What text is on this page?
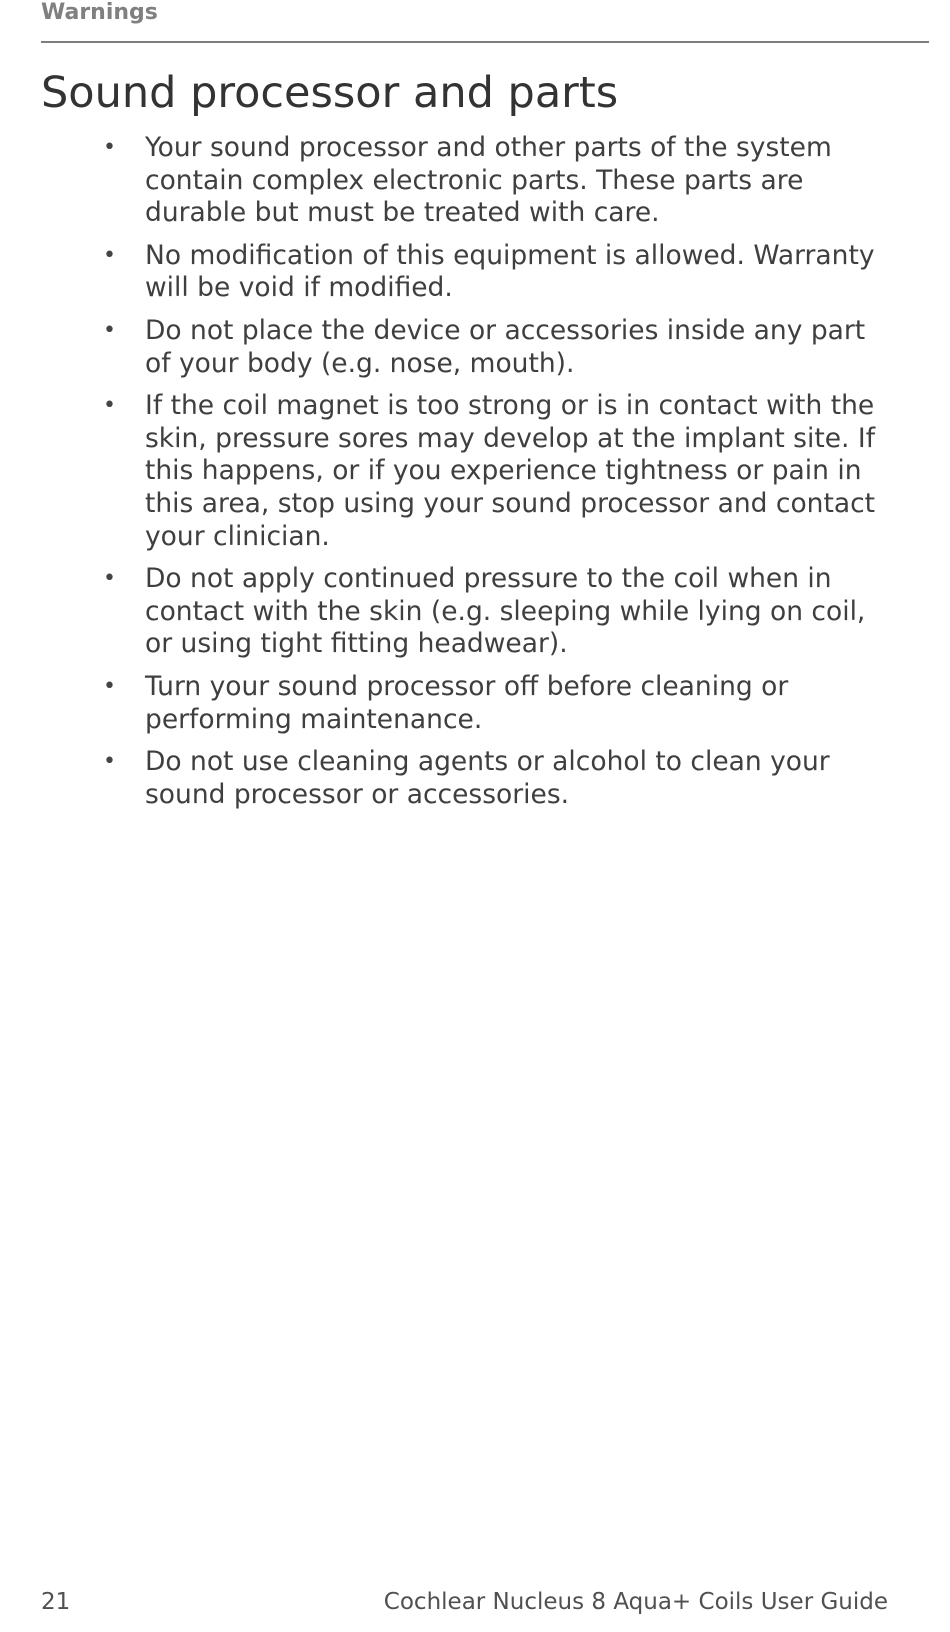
Warnings
Sound processor and parts
• Your sound processor and other parts of the system contain complex electronic parts. These parts are durable but must be treated with care.
• No modification of this equipment is allowed. Warranty will be void if modified.
• Do not place the device or accessories inside any part of your body (e.g. nose, mouth).
• If the coil magnet is too strong or is in contact with the skin, pressure sores may develop at the implant site. If this happens, or if you experience tightness or pain in this area, stop using your sound processor and contact your clinician.
• Do not apply continued pressure to the coil when in contact with the skin (e.g. sleeping while lying on coil, or using tight fitting headwear).
• Turn your sound processor off before cleaning or performing maintenance.
• Do not use cleaning agents or alcohol to clean your sound processor or accessories.
21	Cochlear Nucleus 8 Aqua+ Coils User Guide
